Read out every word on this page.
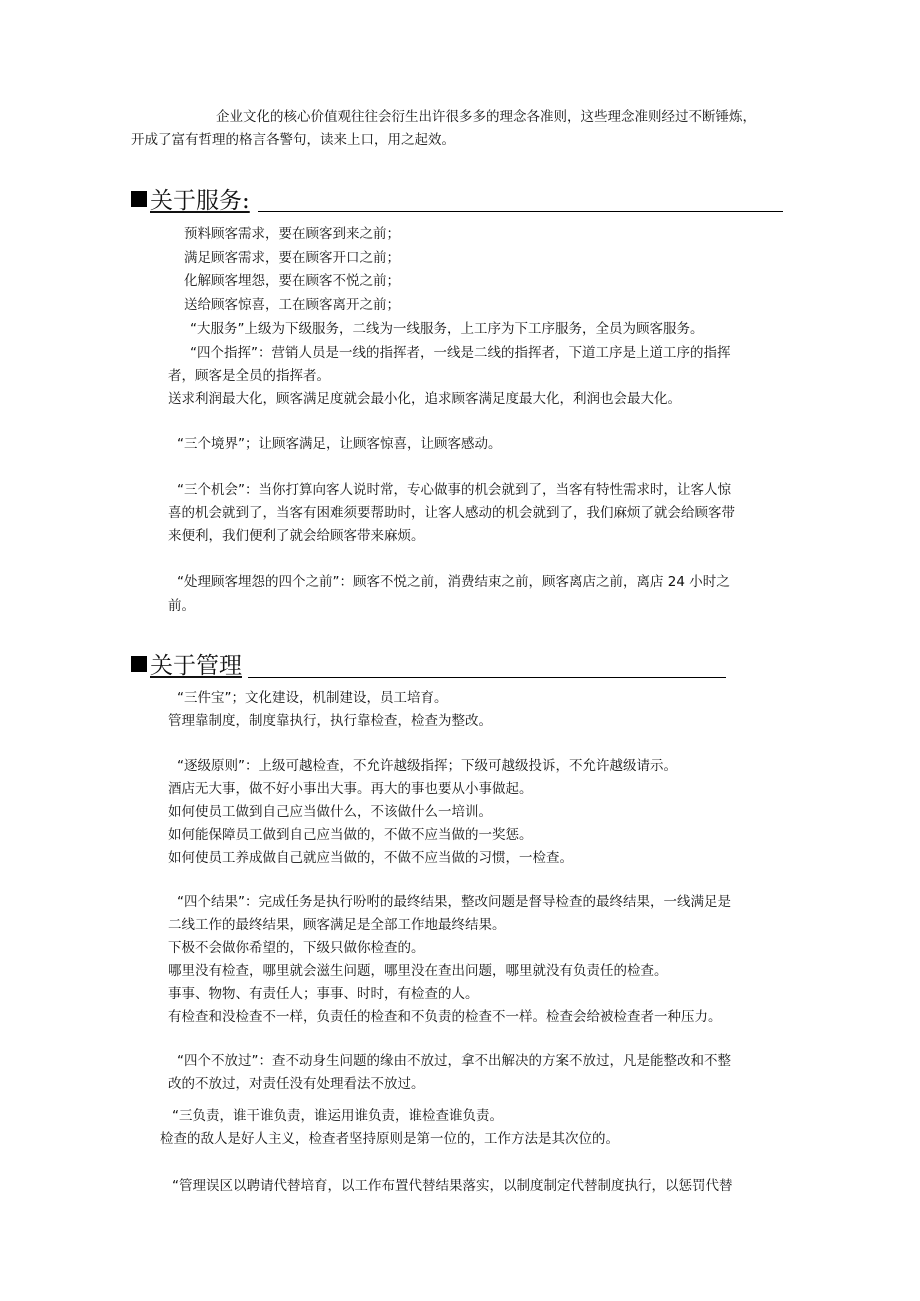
企业文化的核心价值观往往会衍生出许很多多的理念各准则，这些理念准则经过不断锤炼，
开成了富有哲理的格言各警句，读来上口，用之起效。
关于服务:
预料顾客需求，要在顾客到来之前；
满足顾客需求，要在顾客开口之前；
化解顾客埋怨，要在顾客不悦之前；
送给顾客惊喜，工在顾客离开之前；
“大服务”上级为下级服务，二线为一线服务，上工序为下工序服务，全员为顾客服务。
“四个指挥”：营销人员是一线的指挥者，一线是二线的指挥者，下道工序是上道工序的指挥
者，顾客是全员的指挥者。
送求利润最大化，顾客满足度就会最小化，追求顾客满足度最大化，利润也会最大化。
“三个境界”；让顾客满足，让顾客惊喜，让顾客感动。
“三个机会”：当你打算向客人说时常，专心做事的机会就到了，当客有特性需求时，让客人惊
喜的机会就到了，当客有困难须要帮助时，让客人感动的机会就到了，我们麻烦了就会给顾客带
来便利，我们便利了就会给顾客带来麻烦。
“处理顾客埋怨的四个之前”：顾客不悦之前，消费结束之前，顾客离店之前，离店 24 小时之
前。
关于管理
“三件宝”；文化建设，机制建设，员工培育。
管理靠制度，制度靠执行，执行靠检查，检查为整改。
“逐级原则”：上级可越检查，不允许越级指挥；下级可越级投诉，不允许越级请示。
酒店无大事，做不好小事出大事。再大的事也要从小事做起。
如何使员工做到自己应当做什么，不该做什么一培训。
如何能保障员工做到自己应当做的，不做不应当做的一奖惩。
如何使员工养成做自己就应当做的，不做不应当做的习惯，一检查。
“四个结果”：完成任务是执行吩咐的最终结果，整改问题是督导检查的最终结果，一线满足是
二线工作的最终结果，顾客满足是全部工作地最终结果。
下极不会做你希望的，下级只做你检查的。
哪里没有检查，哪里就会滋生问题，哪里没在查出问题，哪里就没有负责任的检查。
事事、物物、有责任人；事事、时时，有检查的人。
有检查和没检查不一样，负责任的检查和不负责的检查不一样。检查会给被检查者一种压力。
“四个不放过”：查不动身生问题的缘由不放过，拿不出解决的方案不放过，凡是能整改和不整
改的不放过，对责任没有处理看法不放过。
“三负责，谁干谁负责，谁运用谁负责，谁检查谁负责。
检查的敌人是好人主义，检查者坚持原则是第一位的，工作方法是其次位的。
“管理误区以聘请代替培育，以工作布置代替结果落实，以制度制定代替制度执行，以惩罚代替
